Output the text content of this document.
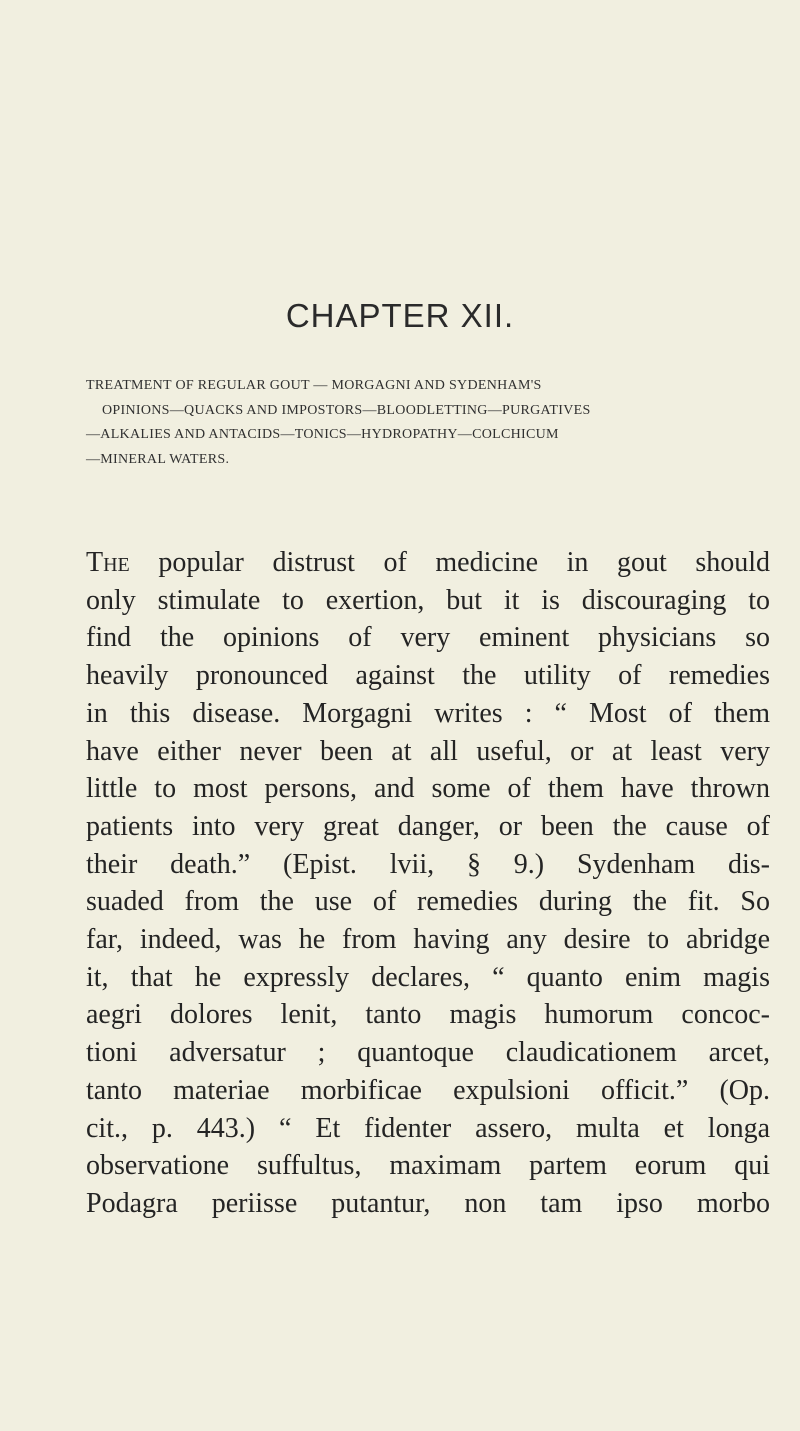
CHAPTER XII.
TREATMENT OF REGULAR GOUT — MORGAGNI AND SYDENHAM'S
OPINIONS—QUACKS AND IMPOSTORS—BLOODLETTING—PURGATIVES
—ALKALIES AND ANTACIDS—TONICS—HYDROPATHY—COLCHICUM
—MINERAL WATERS.
The popular distrust of medicine in gout should
only stimulate to exertion, but it is discouraging to
find the opinions of very eminent physicians so
heavily pronounced against the utility of remedies
in this disease. Morgagni writes : “ Most of them
have either never been at all useful, or at least very
little to most persons, and some of them have thrown
patients into very great danger, or been the cause of
their death.” (Epist. lvii, § 9.) Sydenham dis-
suaded from the use of remedies during the fit. So
far, indeed, was he from having any desire to abridge
it, that he expressly declares, “ quanto enim magis
aegri dolores lenit, tanto magis humorum concoc-
tioni adversatur ; quantoque claudicationem arcet,
tanto materiae morbificae expulsioni officit.” (Op.
cit., p. 443.) “ Et fidenter assero, multa et longa
observatione suffultus, maximam partem eorum qui
Podagra periisse putantur, non tam ipso morbo
